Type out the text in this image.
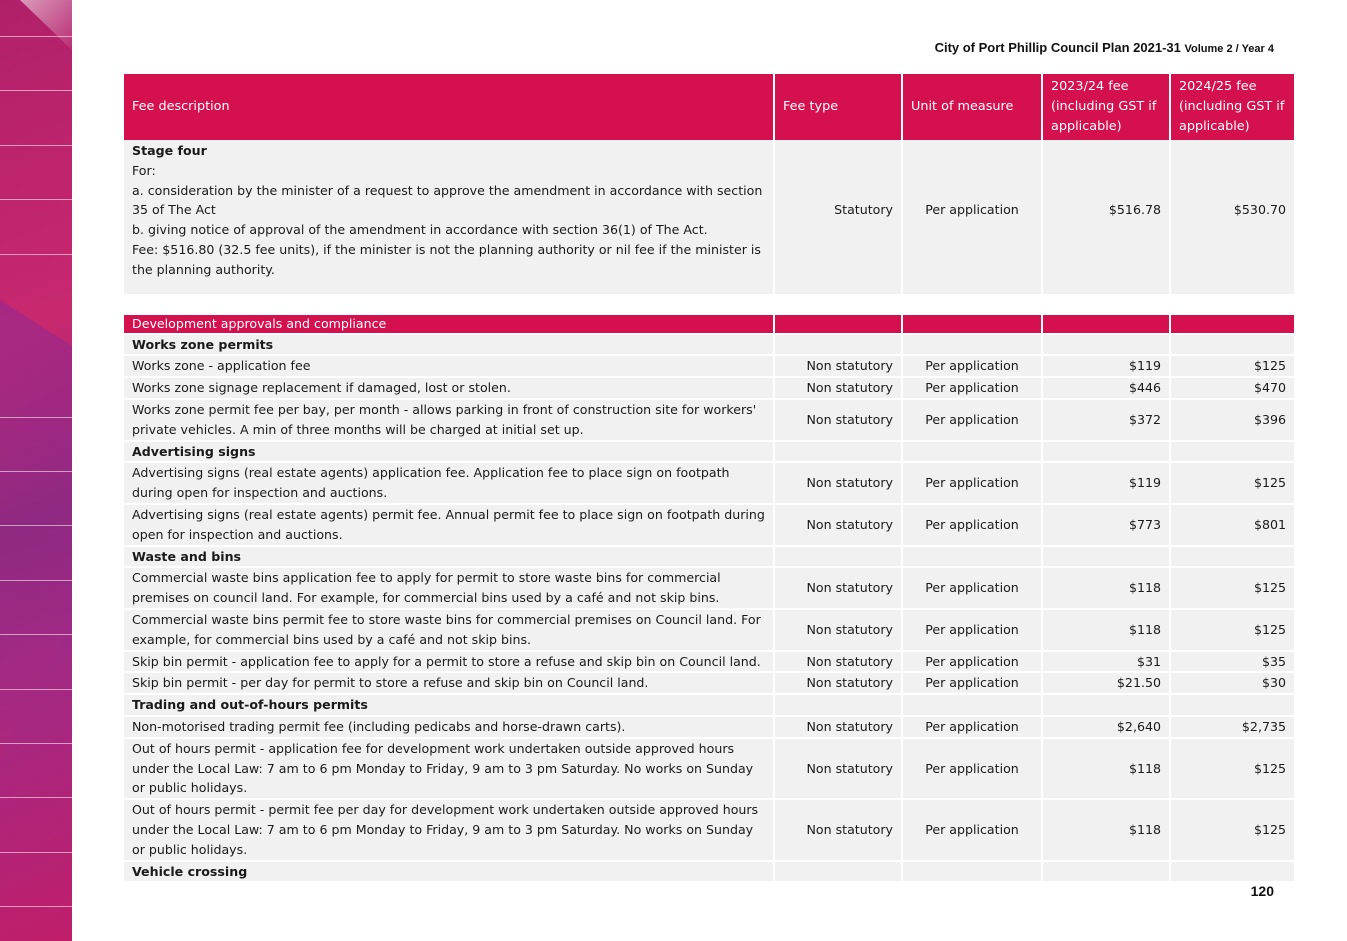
City of Port Phillip Council Plan 2021-31 Volume 2 / Year 4
Fee description	Fee type	Unit of measure	2023/24 fee (including GST if applicable)	2024/25 fee (including GST if applicable)

Stage four
For:
a. consideration by the minister of a request to approve the amendment in accordance with section 35 of The Act
b. giving notice of approval of the amendment in accordance with section 36(1) of The Act.
Fee: $516.80 (32.5 fee units), if the minister is not the planning authority or nil fee if the minister is the planning authority.	Statutory	Per application	$516.78	$530.70

Development approvals and compliance				
Works zone permits				
Works zone - application fee	Non statutory	Per application	$119	$125
Works zone signage replacement if damaged, lost or stolen.	Non statutory	Per application	$446	$470
Works zone permit fee per bay, per month - allows parking in front of construction site for workers' private vehicles. A min of three months will be charged at initial set up.	Non statutory	Per application	$372	$396
Advertising signs				
Advertising signs (real estate agents) application fee. Application fee to place sign on footpath during open for inspection and auctions.	Non statutory	Per application	$119	$125
Advertising signs (real estate agents) permit fee. Annual permit fee to place sign on footpath during open for inspection and auctions.	Non statutory	Per application	$773	$801
Waste and bins				
Commercial waste bins application fee to apply for permit to store waste bins for commercial premises on council land. For example, for commercial bins used by a café and not skip bins.	Non statutory	Per application	$118	$125
Commercial waste bins permit fee to store waste bins for commercial premises on Council land. For example, for commercial bins used by a café and not skip bins.	Non statutory	Per application	$118	$125
Skip bin permit - application fee to apply for a permit to store a refuse and skip bin on Council land.	Non statutory	Per application	$31	$35
Skip bin permit - per day for permit to store a refuse and skip bin on Council land.	Non statutory	Per application	$21.50	$30
Trading and out-of-hours permits				
Non-motorised trading permit fee (including pedicabs and horse-drawn carts).	Non statutory	Per application	$2,640	$2,735
Out of hours permit - application fee for development work undertaken outside approved hours under the Local Law: 7 am to 6 pm Monday to Friday, 9 am to 3 pm Saturday. No works on Sunday or public holidays.	Non statutory	Per application	$118	$125
Out of hours permit - permit fee per day for development work undertaken outside approved hours under the Local Law: 7 am to 6 pm Monday to Friday, 9 am to 3 pm Saturday. No works on Sunday or public holidays.	Non statutory	Per application	$118	$125
Vehicle crossing				
120
